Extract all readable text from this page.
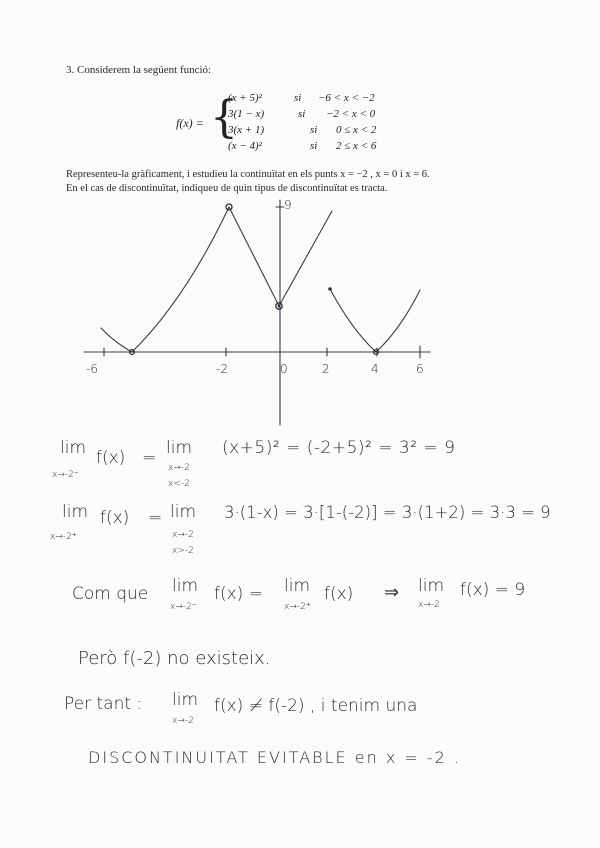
3. Considerem la següent funció:
f(x) = {
(x + 5)²	si −6 < x < −2
3(1 − x)	si −2 < x < 0
3(x + 1)	si 0 ≤ x < 2
(x − 4)²	si 2 ≤ x < 6
Representeu-la gràficament, i estudieu la continuïtat en els punts x = −2 , x = 0 i x = 6.
En el cas de discontinuïtat, indiqueu de quin tipus de discontinuïtat es tracta.
9
-6	-2	0	2	4	6
lim f(x)
x→-2⁻
= lim
x→-2
x<-2
(x+5)² = (-2+5)² = 3² = 9
lim f(x)
x→-2⁺
= lim
x→-2
x>-2
3·(1-x) = 3·[1-(-2)] = 3·(1+2) = 3·3 = 9
Com que lim
x→-2⁻
f(x) = lim
x→-2⁺
f(x) ⇒ lim
x→-2
f(x) = 9
Però f(-2) no existeix.
Per tant : lim
x→-2
f(x) ≠ f(-2) , i tenim una
DISCONTINUITAT EVITABLE en x = -2 .
